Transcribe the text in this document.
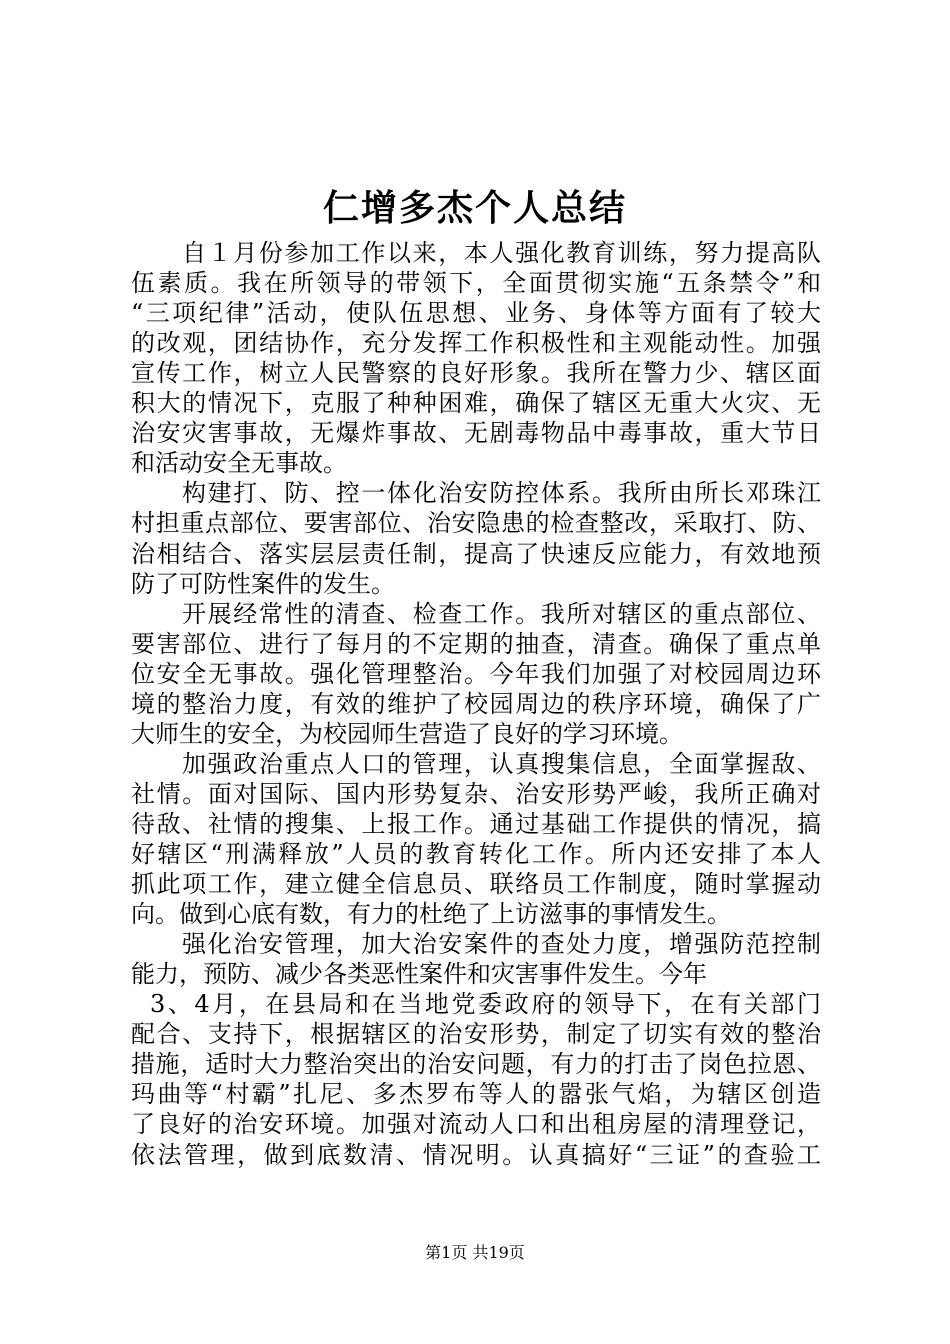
仁增多杰个人总结
自１月份参加工作以来，本人强化教育训练，努力提高队
伍素质。我在所领导的带领下，全面贯彻实施“五条禁令”和
“三项纪律”活动，使队伍思想、业务、身体等方面有了较大
的改观，团结协作，充分发挥工作积极性和主观能动性。加强
宣传工作，树立人民警察的良好形象。我所在警力少、辖区面
积大的情况下，克服了种种困难，确保了辖区无重大火灾、无
治安灾害事故，无爆炸事故、无剧毒物品中毒事故，重大节日
和活动安全无事故。
构建打、防、控一体化治安防控体系。我所由所长邓珠江
村担重点部位、要害部位、治安隐患的检查整改，采取打、防、
治相结合、落实层层责任制，提高了快速反应能力，有效地预
防了可防性案件的发生。
开展经常性的清查、检查工作。我所对辖区的重点部位、
要害部位、进行了每月的不定期的抽查，清查。确保了重点单
位安全无事故。强化管理整治。今年我们加强了对校园周边环
境的整治力度，有效的维护了校园周边的秩序环境，确保了广
大师生的安全，为校园师生营造了良好的学习环境。
加强政治重点人口的管理，认真搜集信息，全面掌握敌、
社情。面对国际、国内形势复杂、治安形势严峻，我所正确对
待敌、社情的搜集、上报工作。通过基础工作提供的情况，搞
好辖区“刑满释放”人员的教育转化工作。所内还安排了本人
抓此项工作，建立健全信息员、联络员工作制度，随时掌握动
向。做到心底有数，有力的杜绝了上访滋事的事情发生。
强化治安管理，加大治安案件的查处力度，增强防范控制
能力，预防、减少各类恶性案件和灾害事件发生。今年
3、4月，在县局和在当地党委政府的领导下，在有关部门
配合、支持下，根据辖区的治安形势，制定了切实有效的整治
措施，适时大力整治突出的治安问题，有力的打击了岗色拉恩、
玛曲等“村霸”扎尼、多杰罗布等人的嚣张气焰，为辖区创造
了良好的治安环境。加强对流动人口和出租房屋的清理登记，
依法管理，做到底数清、情况明。认真搞好“三证”的查验工
第1页 共19页
